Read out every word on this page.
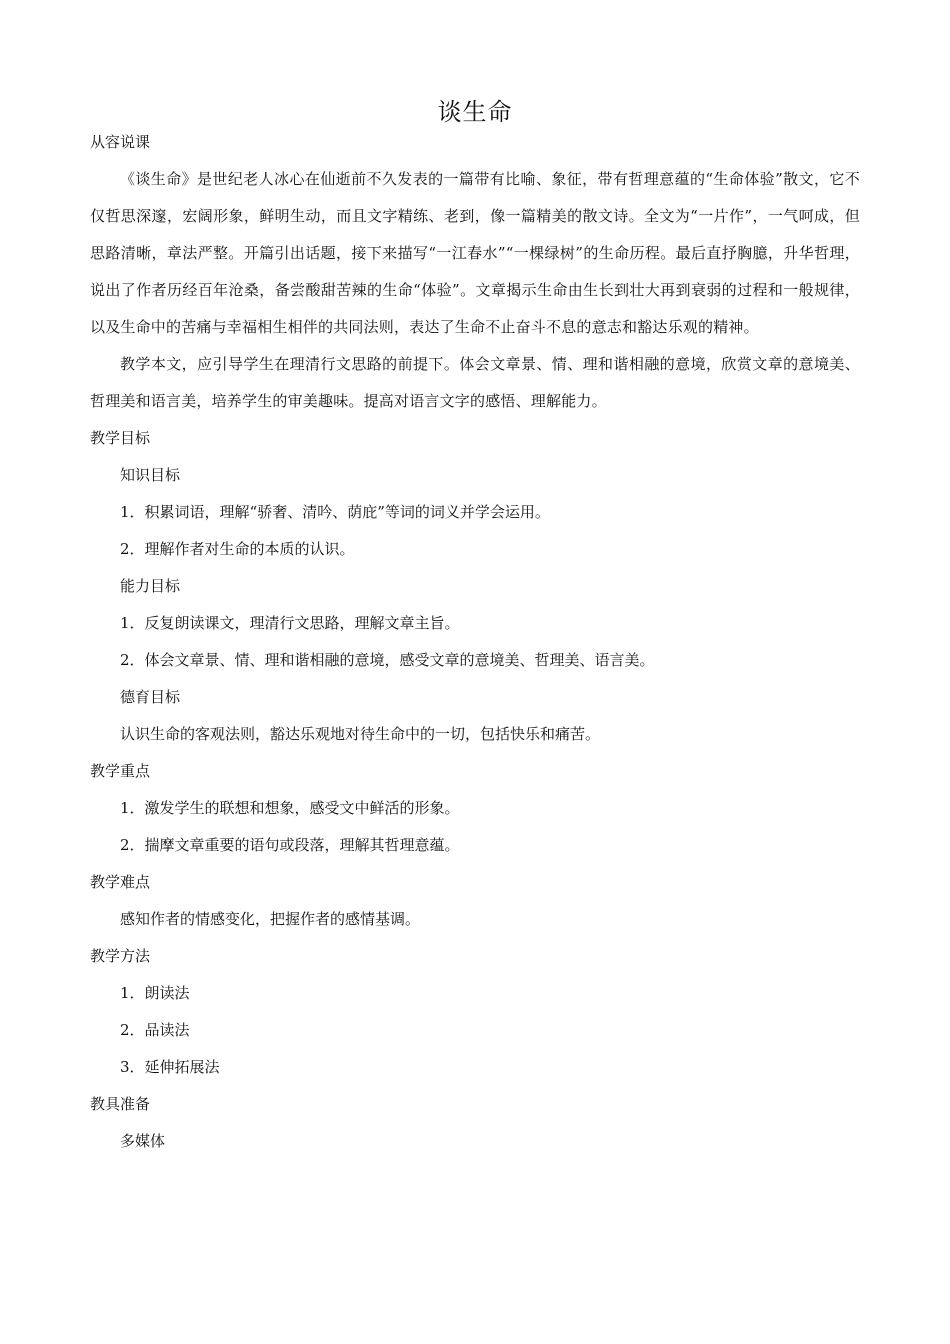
谈生命
从容说课

《谈生命》是世纪老人冰心在仙逝前不久发表的一篇带有比喻、象征，带有哲理意蕴的“生命体验”散文，它不仅哲思深邃，宏阔形象，鲜明生动，而且文字精练、老到，像一篇精美的散文诗。全文为“一片作”，一气呵成，但思路清晰，章法严整。开篇引出话题，接下来描写“一江春水”“一棵绿树”的生命历程。最后直抒胸臆，升华哲理，说出了作者历经百年沧桑，备尝酸甜苦辣的生命“体验”。文章揭示生命由生长到壮大再到衰弱的过程和一般规律，以及生命中的苦痛与幸福相生相伴的共同法则，表达了生命不止奋斗不息的意志和豁达乐观的精神。

教学本文，应引导学生在理清行文思路的前提下。体会文章景、情、理和谐相融的意境，欣赏文章的意境美、哲理美和语言美，培养学生的审美趣味。提高对语言文字的感悟、理解能力。

教学目标
知识目标
1．积累词语，理解“骄奢、清吟、荫庇”等词的词义并学会运用。
2．理解作者对生命的本质的认识。
能力目标
1．反复朗读课文，理清行文思路，理解文章主旨。
2．体会文章景、情、理和谐相融的意境，感受文章的意境美、哲理美、语言美。
德育目标
认识生命的客观法则，豁达乐观地对待生命中的一切，包括快乐和痛苦。
教学重点
1．激发学生的联想和想象，感受文中鲜活的形象。
2．揣摩文章重要的语句或段落，理解其哲理意蕴。
教学难点
感知作者的情感变化，把握作者的感情基调。
教学方法
1．朗读法
2．品读法
3．延伸拓展法
教具准备
多媒体
